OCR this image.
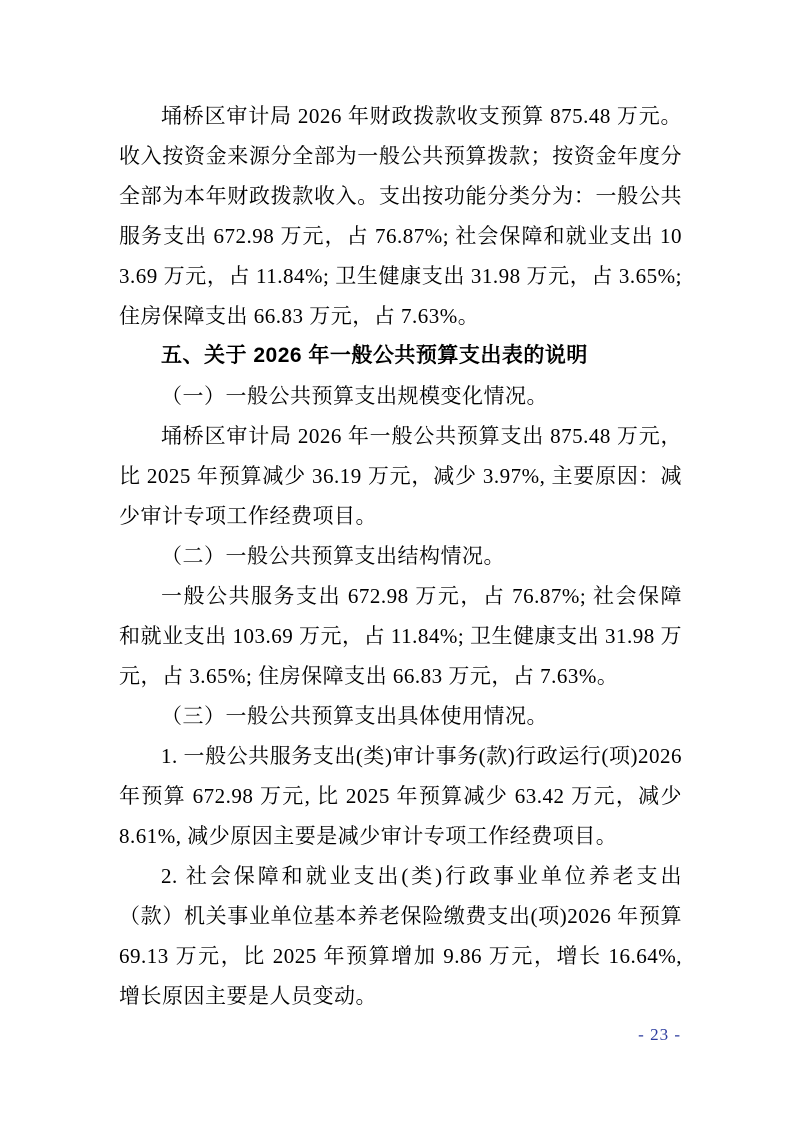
埇桥区审计局 2026 年财政拨款收支预算 875.48 万元。收入按资金来源分全部为一般公共预算拨款；按资金年度分全部为本年财政拨款收入。支出按功能分类分为：一般公共服务支出 672.98 万元，占 76.87%; 社会保障和就业支出 103.69 万元，占 11.84%; 卫生健康支出 31.98 万元，占 3.65%; 住房保障支出 66.83 万元，占 7.63%。

五、关于 2026 年一般公共预算支出表的说明

（一）一般公共预算支出规模变化情况。

埇桥区审计局 2026 年一般公共预算支出 875.48 万元，比 2025 年预算减少 36.19 万元，减少 3.97%, 主要原因：减少审计专项工作经费项目。

（二）一般公共预算支出结构情况。

一般公共服务支出 672.98 万元，占 76.87%; 社会保障和就业支出 103.69 万元，占 11.84%; 卫生健康支出 31.98 万元，占 3.65%; 住房保障支出 66.83 万元，占 7.63%。

（三）一般公共预算支出具体使用情况。

1. 一般公共服务支出(类)审计事务(款)行政运行(项)2026 年预算 672.98 万元, 比 2025 年预算减少 63.42 万元，减少 8.61%, 减少原因主要是减少审计专项工作经费项目。

2. 社会保障和就业支出(类)行政事业单位养老支出（款）机关事业单位基本养老保险缴费支出(项)2026 年预算 69.13 万元，比 2025 年预算增加 9.86 万元，增长 16.64%, 增长原因主要是人员变动。

- 23 -
